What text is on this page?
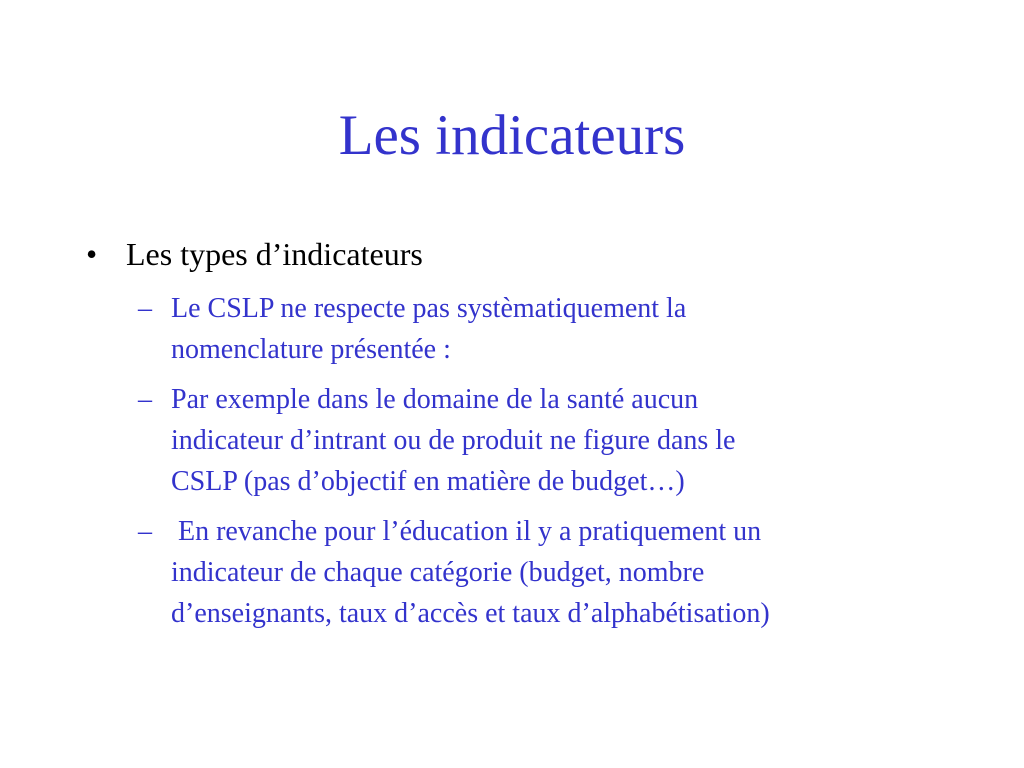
Les indicateurs
• Les types d’indicateurs
– Le CSLP ne respecte pas systèmatiquement la
nomenclature présentée :
– Par exemple dans le domaine de la santé aucun
indicateur d’intrant ou de produit ne figure dans le
CSLP (pas d’objectif en matière de budget…)
– En revanche pour l’éducation il y a pratiquement un
indicateur de chaque catégorie (budget, nombre
d’enseignants, taux d’accès et taux d’alphabétisation)
